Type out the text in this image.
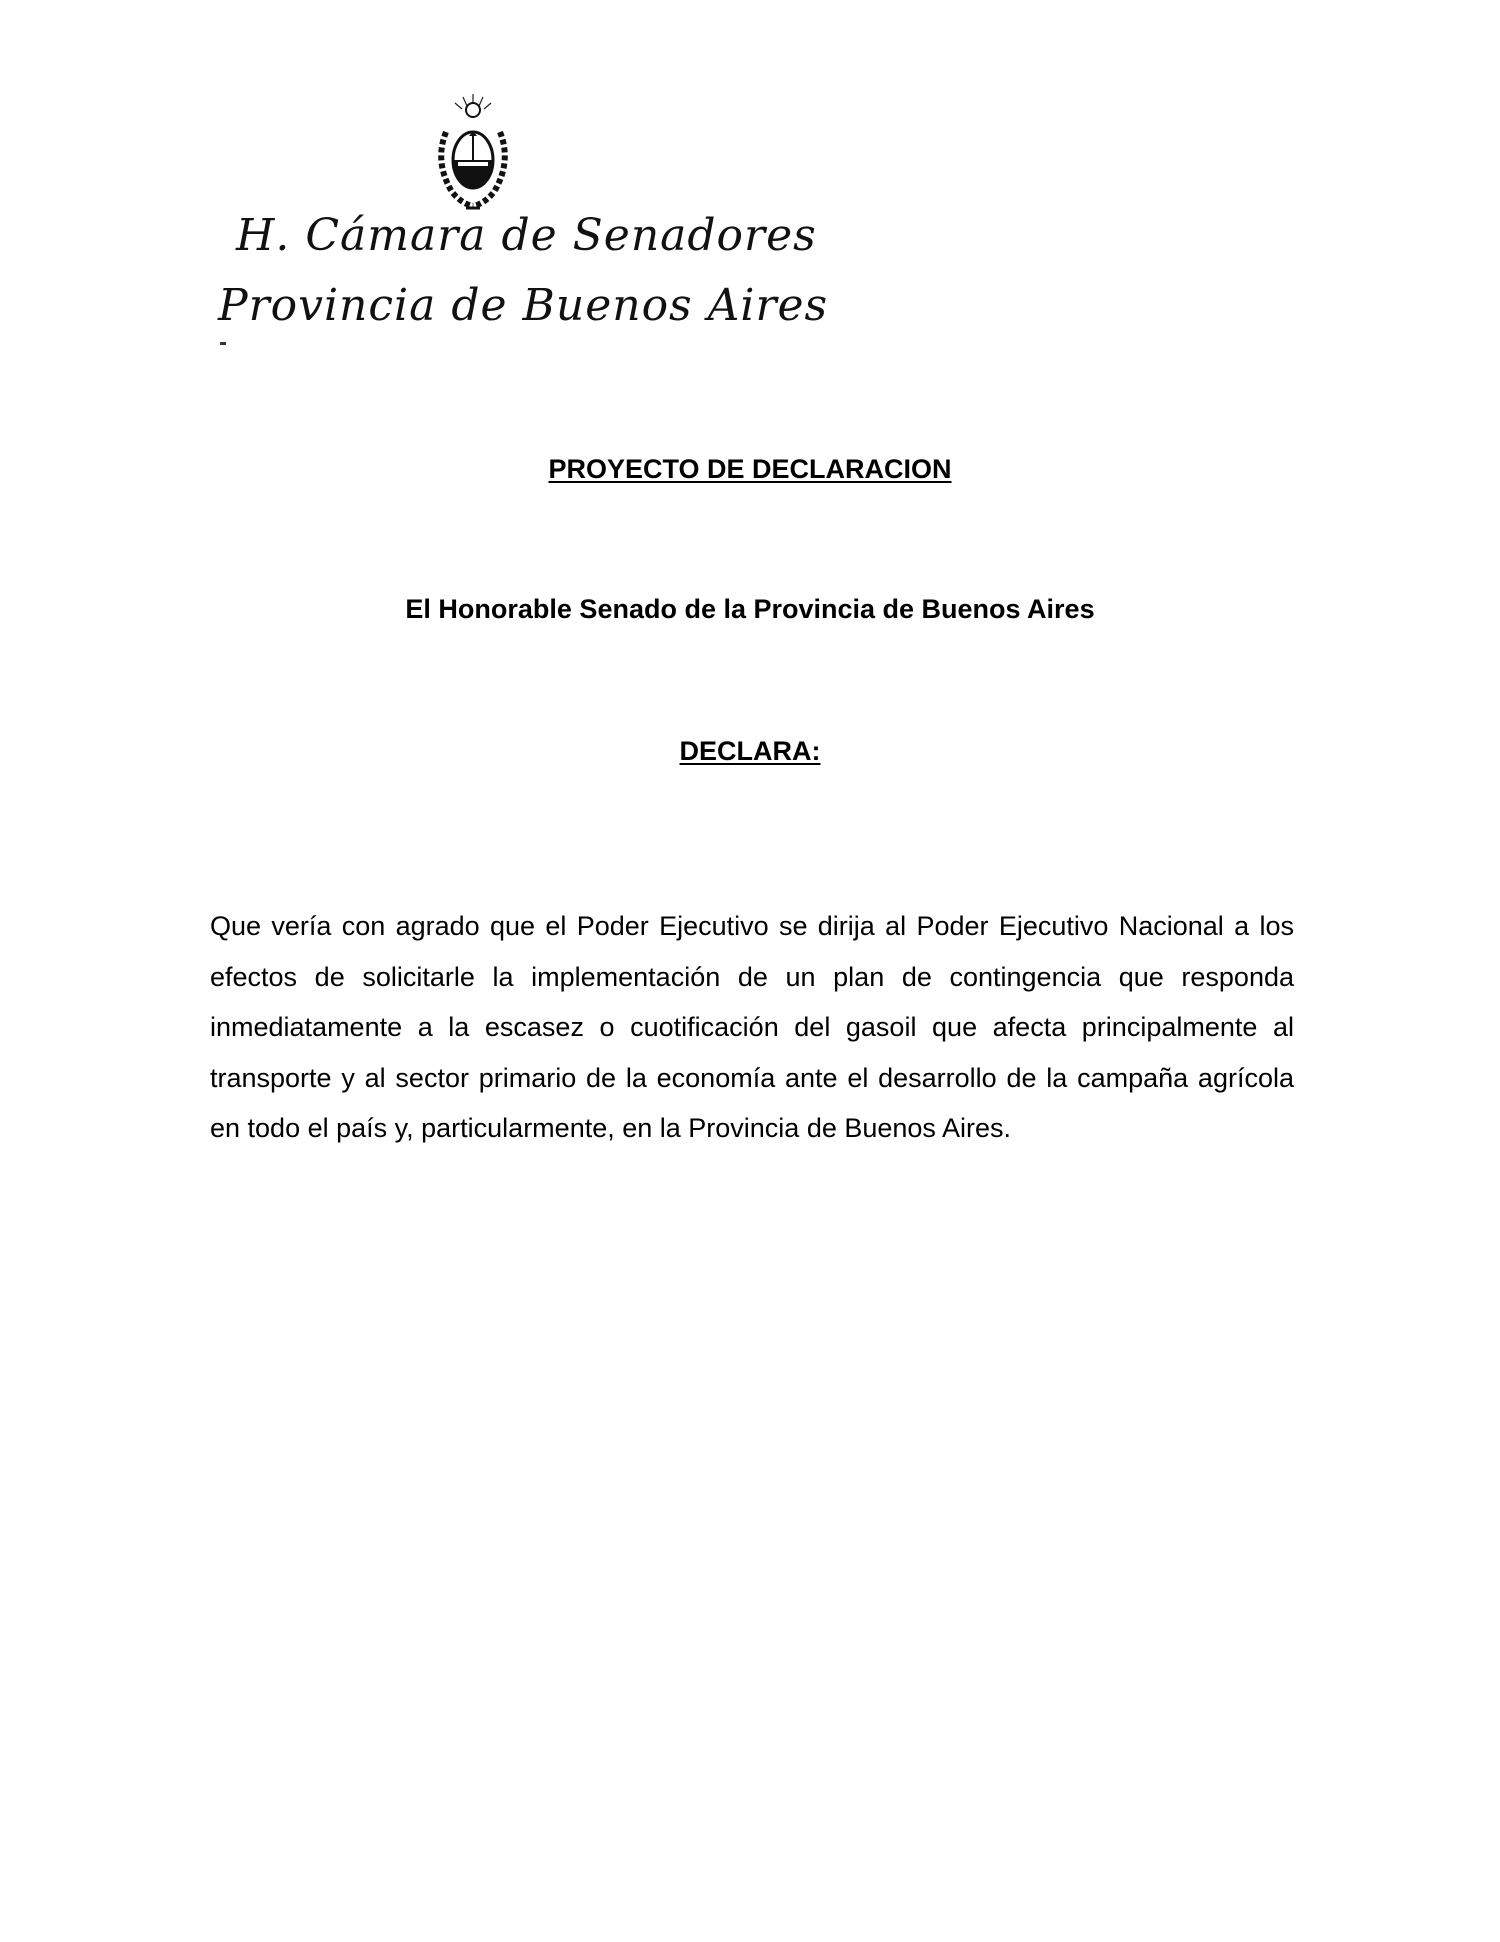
H. Cámara de Senadores
Provincia de Buenos Aires
PROYECTO DE DECLARACION
El Honorable Senado de la Provincia de Buenos Aires
DECLARA:

Que vería con agrado que el Poder Ejecutivo se dirija al Poder Ejecutivo Nacional a los efectos de solicitarle la implementación de un plan de contingencia que responda inmediatamente a la escasez o cuotificación del gasoil que afecta principalmente al transporte y al sector primario de la economía ante el desarrollo de la campaña agrícola en todo el país y, particularmente, en la Provincia de Buenos Aires.
